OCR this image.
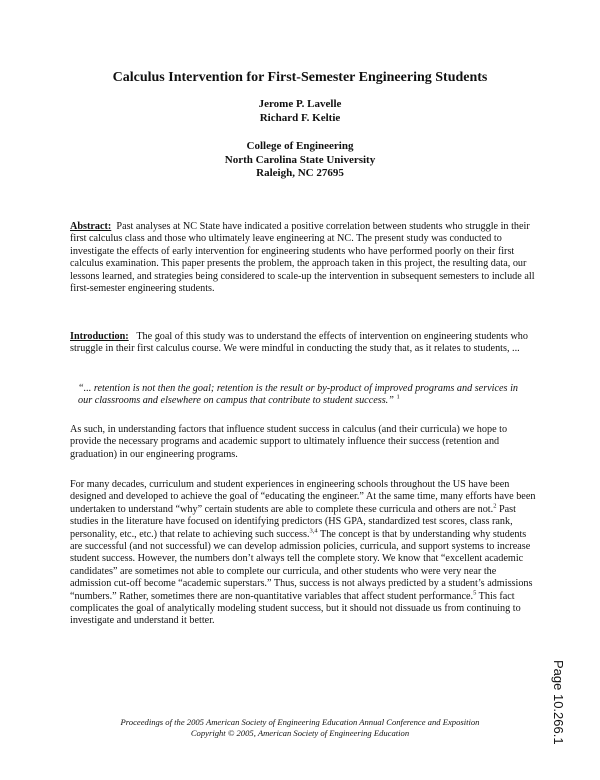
Calculus Intervention for First-Semester Engineering Students
Jerome P. Lavelle
Richard F. Keltie
College of Engineering
North Carolina State University
Raleigh, NC 27695

Abstract: Past analyses at NC State have indicated a positive correlation between students who struggle in their first calculus class and those who ultimately leave engineering at NC. The present study was conducted to investigate the effects of early intervention for engineering students who have performed poorly on their first calculus examination. This paper presents the problem, the approach taken in this project, the resulting data, our lessons learned, and strategies being considered to scale-up the intervention in subsequent semesters to include all first-semester engineering students.

Introduction: The goal of this study was to understand the effects of intervention on engineering students who struggle in their first calculus course. We were mindful in conducting the study that, as it relates to students, ...

“... retention is not then the goal; retention is the result or by-product of improved programs and services in our classrooms and elsewhere on campus that contribute to student success.” $^1$

As such, in understanding factors that influence student success in calculus (and their curricula) we hope to provide the necessary programs and academic support to ultimately influence their success (retention and graduation) in our engineering programs.

For many decades, curriculum and student experiences in engineering schools throughout the US have been designed and developed to achieve the goal of “educating the engineer.” At the same time, many efforts have been undertaken to understand “why” certain students are able to complete these curricula and others are not.$^2$ Past studies in the literature have focused on identifying predictors (HS GPA, standardized test scores, class rank, personality, etc., etc.) that relate to achieving such success.$^{3,4}$ The concept is that by understanding why students are successful (and not successful) we can develop admission policies, curricula, and support systems to increase student success. However, the numbers don’t always tell the complete story. We know that “excellent academic candidates” are sometimes not able to complete our curricula, and other students who were very near the admission cut-off become “academic superstars.” Thus, success is not always predicted by a student’s admissions “numbers.” Rather, sometimes there are non-quantitative variables that affect student performance.$^5$ This fact complicates the goal of analytically modeling student success, but it should not dissuade us from continuing to investigate and understand it better.

Proceedings of the 2005 American Society of Engineering Education Annual Conference and Exposition
Copyright © 2005, American Society of Engineering Education	Page 10.266.1
